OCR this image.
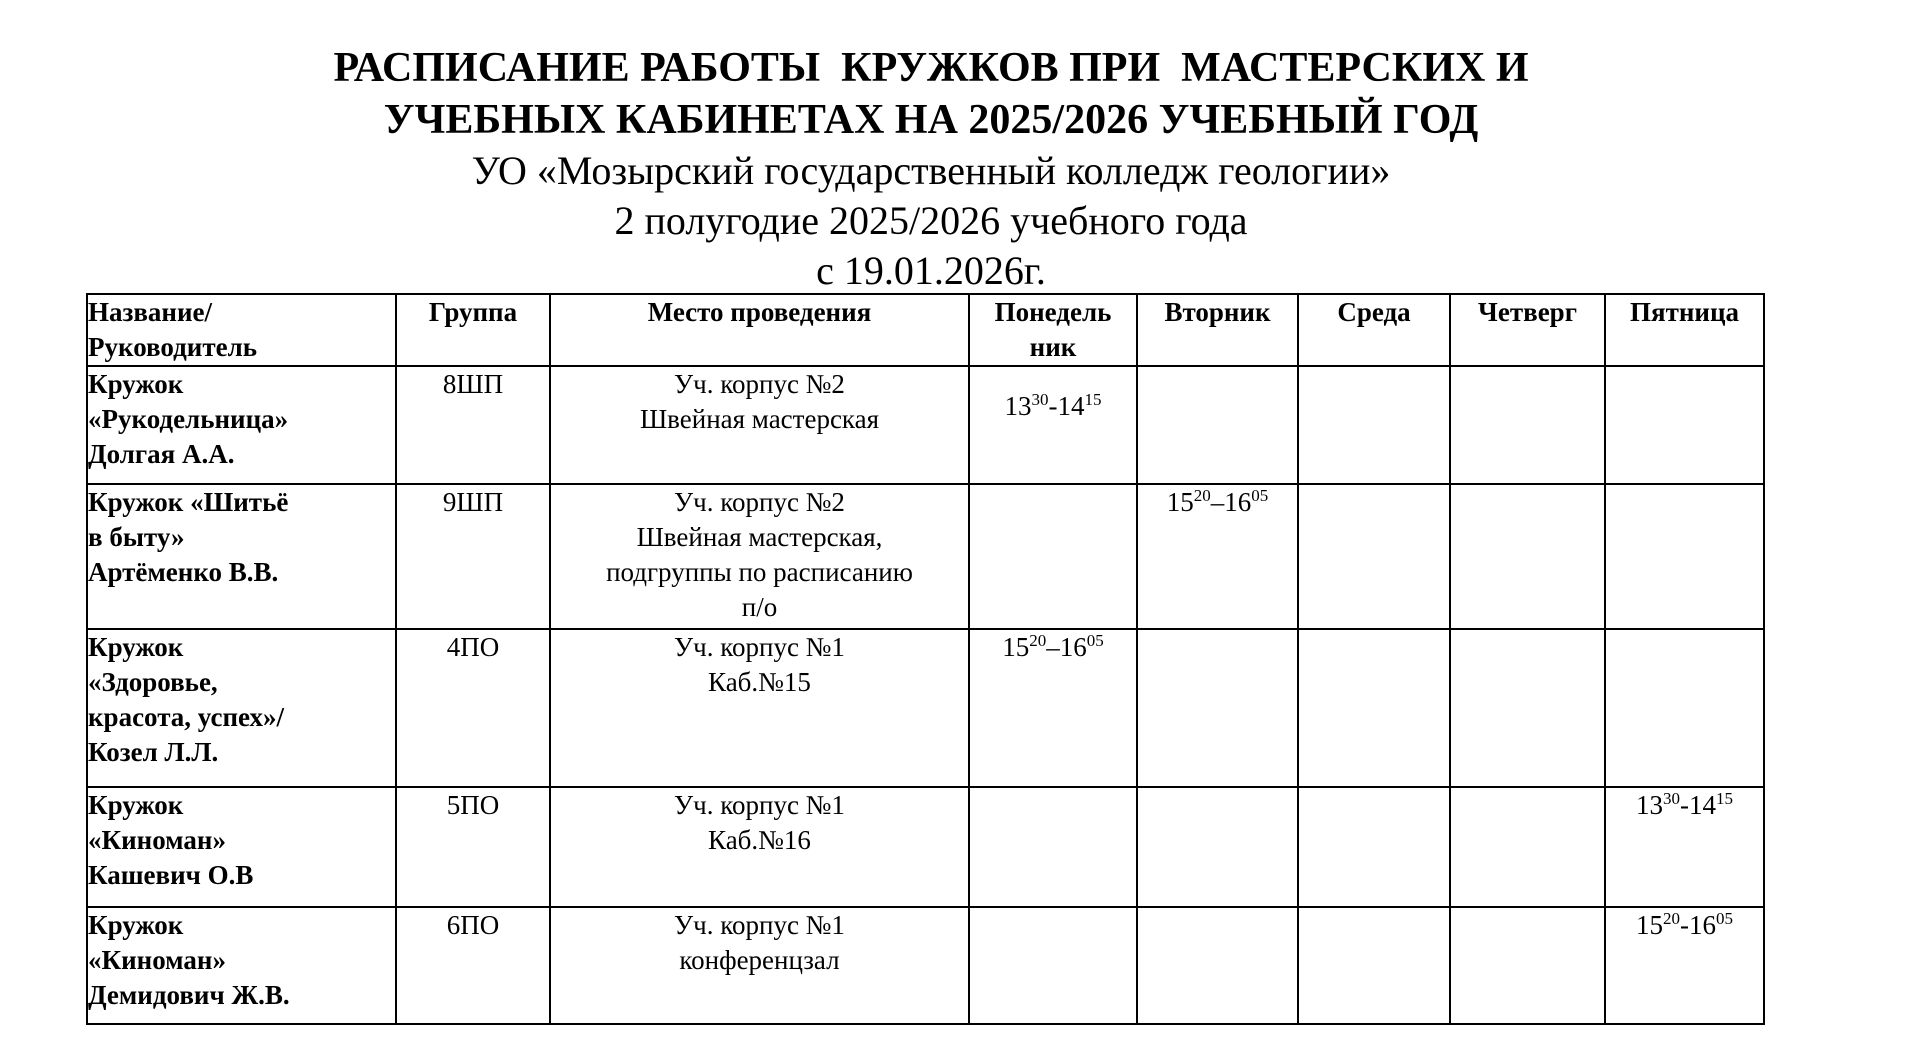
РАСПИСАНИЕ РАБОТЫ  КРУЖКОВ ПРИ  МАСТЕРСКИХ И
УЧЕБНЫХ КАБИНЕТАХ НА 2025/2026 УЧЕБНЫЙ ГОД
УО «Мозырский государственный колледж геологии»
2 полугодие 2025/2026 учебного года
с 19.01.2026г.
Название/
Руководитель	Группа	Место проведения	Понедель
ник	Вторник	Среда	Четверг	Пятница

Кружок
«Рукодельница»
Долгая А.А.	8ШП	Уч. корпус №2
Швейная мастерская	$13^{30}-14^{15}$				

Кружок «Шитьё
в быту»
Артёменко В.В.	9ШП	Уч. корпус №2
Швейная мастерская,
подгруппы по расписанию
п/о		$15^{20}-16^{05}$			

Кружок
«Здоровье,
красота, успех»/
Козел Л.Л.	4ПО	Уч. корпус №1
Каб.№15	$15^{20}-16^{05}$				

Кружок
«Киноман»
Кашевич О.В	5ПО	Уч. корпус №1
Каб.№16					$13^{30}-14^{15}$

Кружок
«Киноман»
Демидович Ж.В.	6ПО	Уч. корпус №1
конференцзал					$15^{20}-16^{05}$
